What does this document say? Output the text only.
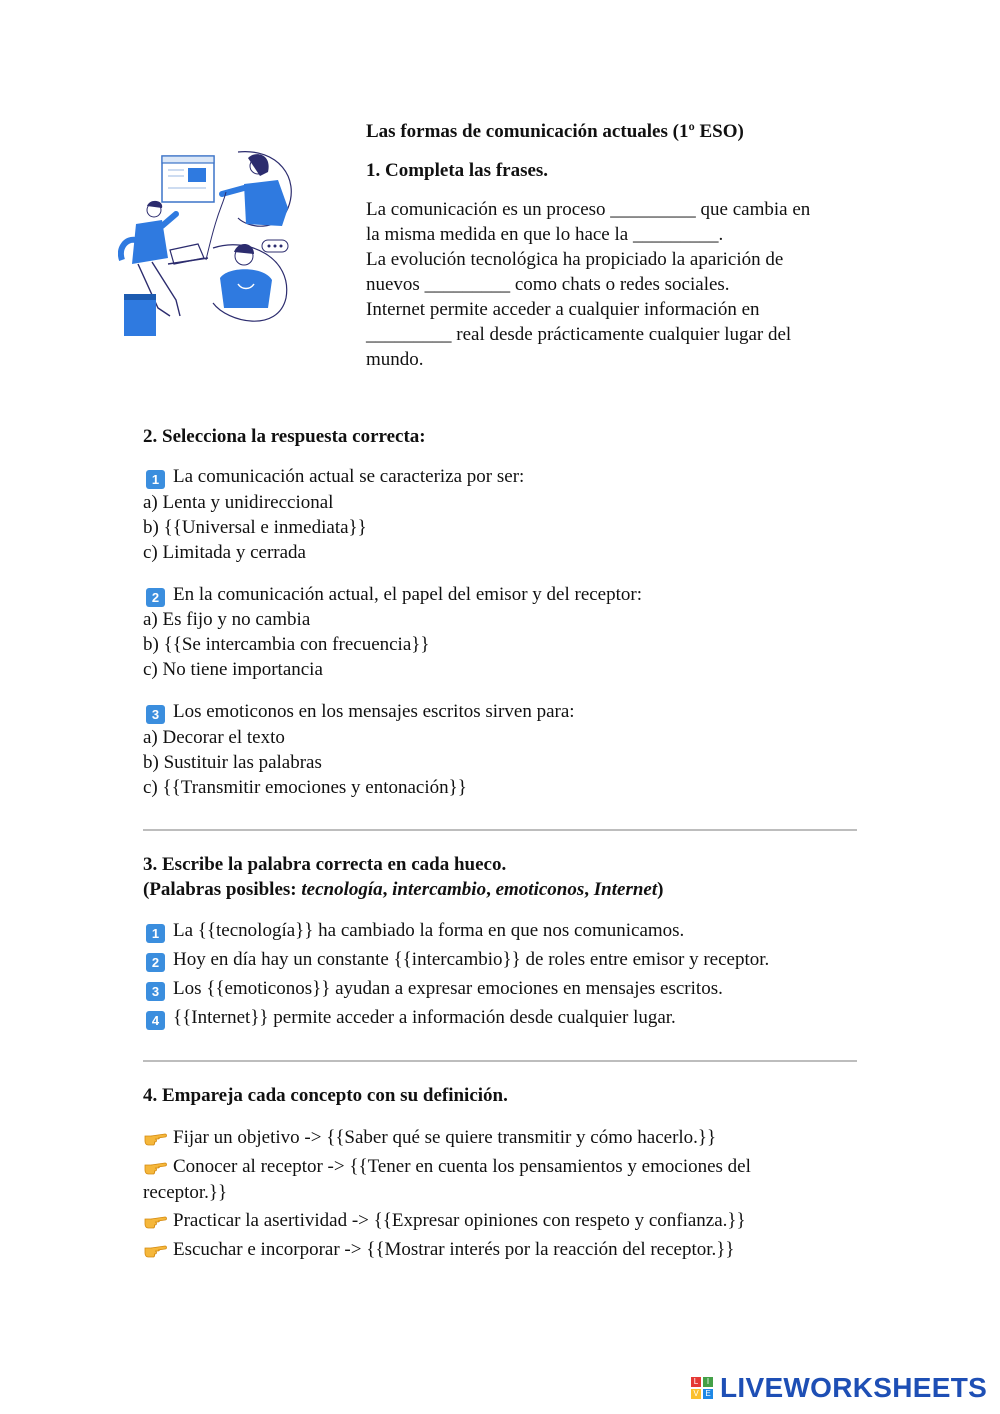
Las formas de comunicación actuales (1º ESO)
1. Completa las frases.
La comunicación es un proceso _________ que cambia en
la misma medida en que lo hace la _________.
La evolución tecnológica ha propiciado la aparición de
nuevos _________ como chats o redes sociales.
Internet permite acceder a cualquier información en
_________ real desde prácticamente cualquier lugar del
mundo.
2. Selecciona la respuesta correcta:
1 La comunicación actual se caracteriza por ser:
a) Lenta y unidireccional
b) {{Universal e inmediata}}
c) Limitada y cerrada
2 En la comunicación actual, el papel del emisor y del receptor:
a) Es fijo y no cambia
b) {{Se intercambia con frecuencia}}
c) No tiene importancia
3 Los emoticonos en los mensajes escritos sirven para:
a) Decorar el texto
b) Sustituir las palabras
c) {{Transmitir emociones y entonación}}
3. Escribe la palabra correcta en cada hueco.
(Palabras posibles: tecnología, intercambio, emoticonos, Internet)
1 La {{tecnología}} ha cambiado la forma en que nos comunicamos.
2 Hoy en día hay un constante {{intercambio}} de roles entre emisor y receptor.
3 Los {{emoticonos}} ayudan a expresar emociones en mensajes escritos.
4 {{Internet}} permite acceder a información desde cualquier lugar.
4. Empareja cada concepto con su definición.
Fijar un objetivo -> {{Saber qué se quiere transmitir y cómo hacerlo.}}
Conocer al receptor -> {{Tener en cuenta los pensamientos y emociones del
receptor.}}
Practicar la asertividad -> {{Expresar opiniones con respeto y confianza.}}
Escuchar e incorporar -> {{Mostrar interés por la reacción del receptor.}}
L	I
V E LIVEWORKSHEETS
